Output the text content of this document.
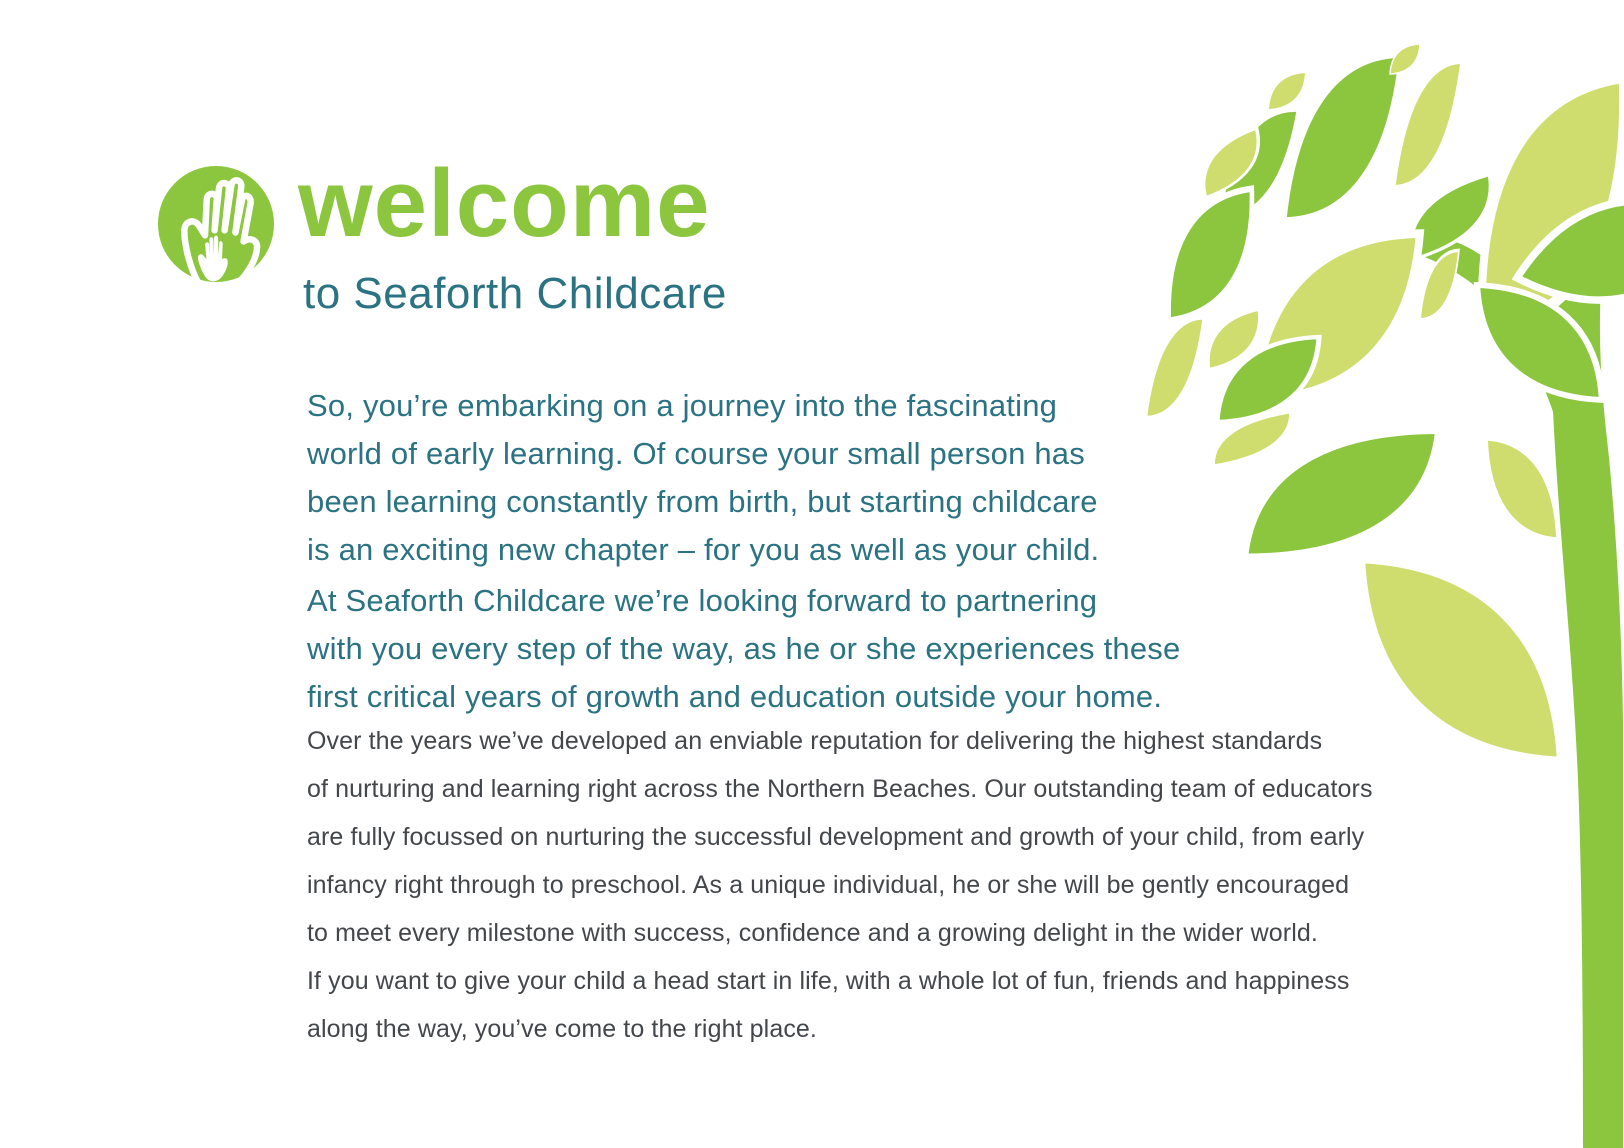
welcome
to Seaforth Childcare
So, you’re embarking on a journey into the fascinating
world of early learning. Of course your small person has
been learning constantly from birth, but starting childcare
is an exciting new chapter – for you as well as your child.
At Seaforth Childcare we’re looking forward to partnering
with you every step of the way, as he or she experiences these
first critical years of growth and education outside your home.
Over the years we’ve developed an enviable reputation for delivering the highest standards
of nurturing and learning right across the Northern Beaches. Our outstanding team of educators
are fully focussed on nurturing the successful development and growth of your child, from early
infancy right through to preschool. As a unique individual, he or she will be gently encouraged
to meet every milestone with success, confidence and a growing delight in the wider world.
If you want to give your child a head start in life, with a whole lot of fun, friends and happiness
along the way, you’ve come to the right place.
